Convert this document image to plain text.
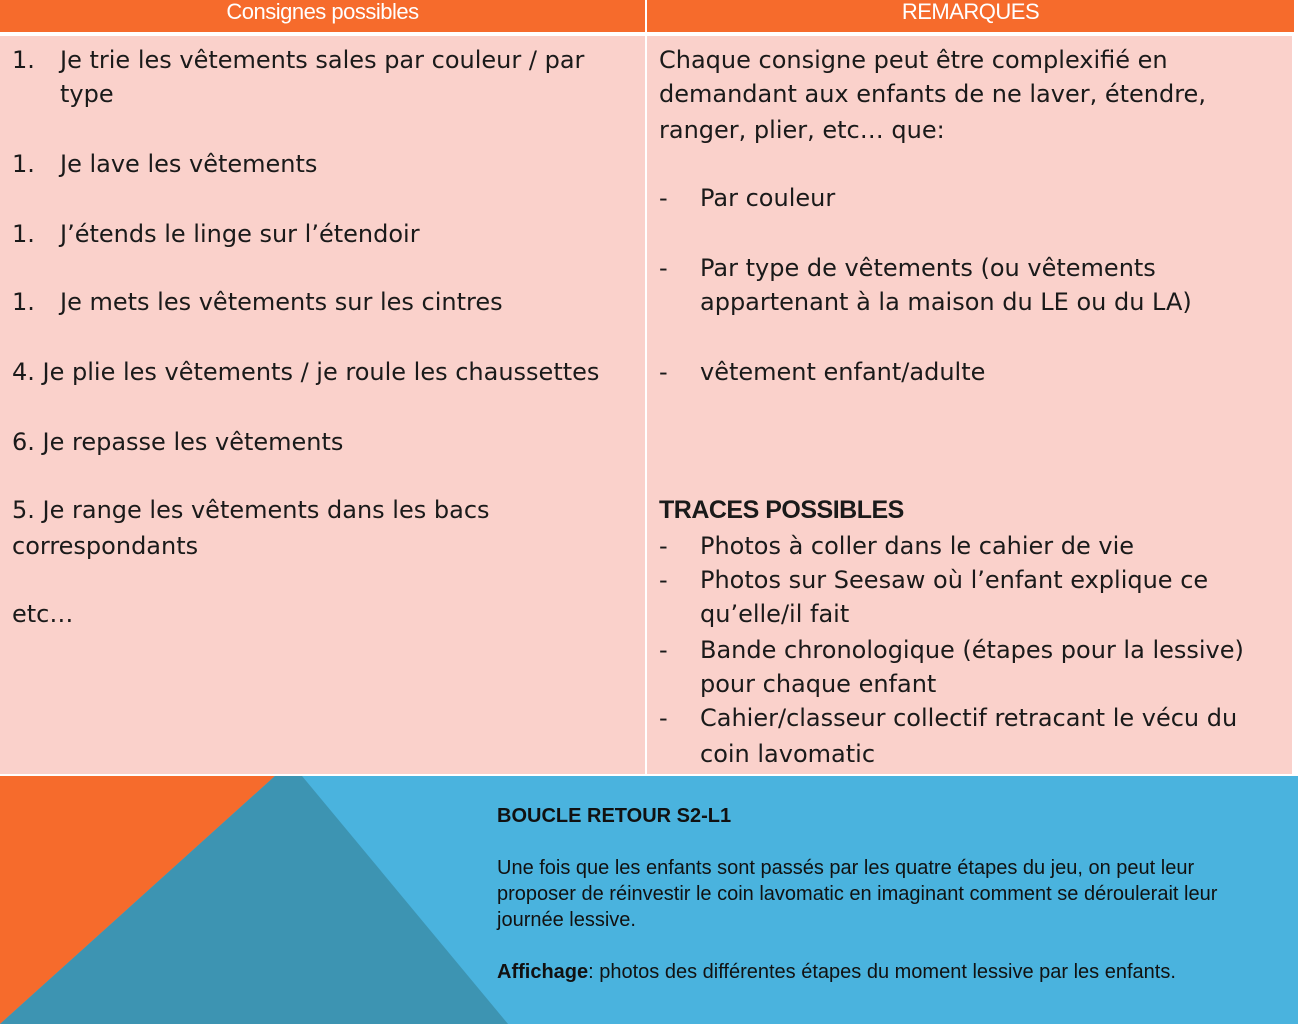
Consignes possibles	REMARQUES
1. Je trie les vêtements sales par couleur / par
type
1. Je lave les vêtements
1. J’étends le linge sur l’étendoir
1. Je mets les vêtements sur les cintres
4. Je plie les vêtements / je roule les chaussettes
6. Je repasse les vêtements
5. Je range les vêtements dans les bacs
correspondants
etc…
Chaque consigne peut être complexifié en
demandant aux enfants de ne laver, étendre,
ranger, plier, etc… que:
- Par couleur
- Par type de vêtements (ou vêtements
appartenant à la maison du LE ou du LA)
- vêtement enfant/adulte
TRACES POSSIBLES
- Photos à coller dans le cahier de vie
- Photos sur Seesaw où l’enfant explique ce
qu’elle/il fait
- Bande chronologique (étapes pour la lessive)
pour chaque enfant
- Cahier/classeur collectif retracant le vécu du
coin lavomatic
BOUCLE RETOUR S2-L1
Une fois que les enfants sont passés par les quatre étapes du jeu, on peut leur
proposer de réinvestir le coin lavomatic en imaginant comment se déroulerait leur
journée lessive.
Affichage: photos des différentes étapes du moment lessive par les enfants.
